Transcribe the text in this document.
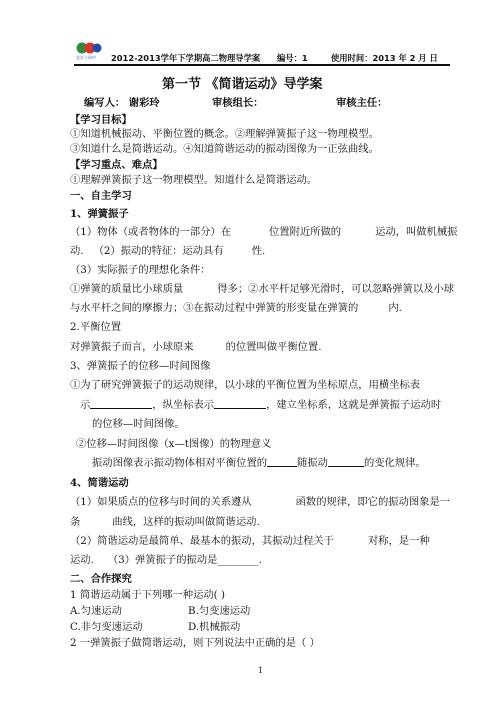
北京十四中 2012-2013学年下学期高二物理导学案 编号：1	使用时间：2013 年 2 月 日
第一节 《简谐运动》导学案
编写人： 谢彩玲	审核组长：	审核主任：
【学习目标】
①知道机械振动、平衡位置的概念。②理解弹簧振子这一物理模型。
③知道什么是简谐运动。④知道简谐运动的振动图像为一正弦曲线。
【学习重点、难点】
①理解弹簧振子这一物理模型。知道什么是简谐运动。
一、自主学习
1、弹簧振子
（1）物体（或者物体的一部分）在	位置附近所做的	运动，叫做机械振
动. （2）振动的特征：运动具有	性.
（3）实际振子的理想化条件：
①弹簧的质量比小球质量	得多；②水平杆足够光滑时，可以忽略弹簧以及小球
与水平杆之间的摩擦力；③在振动过程中弹簧的形变量在弹簧的	内.
2.平衡位置
对弹簧振子而言，小球原来	的位置叫做平衡位置.
3、弹簧振子的位移—时间图像
①为了研究弹簧振子的运动规律，以小球的平衡位置为坐标原点，用横坐标表
示	，纵坐标表示	，建立坐标系，这就是弹簧振子运动时
的位移—时间图像。
②位移—时间图像（x—t图像）的物理意义
振动图像表示振动物体相对平衡位置的	随振动	的变化规律。
4、简谐运动
（1）如果质点的位移与时间的关系遵从	函数的规律，即它的振动图象是一
条	曲线，这样的振动叫做简谐运动.
（2）简谐运动是最简单、最基本的振动，其振动过程关于	对称，是一种
运动. （3）弹簧振子的振动是________.
二、合作探究
1 简谐运动属于下列哪一种运动( )
A.匀速运动	B.匀变速运动
C.非匀变速运动	D.机械振动
2 一弹簧振子做简谐运动，则下列说法中正确的是（ ）
1
